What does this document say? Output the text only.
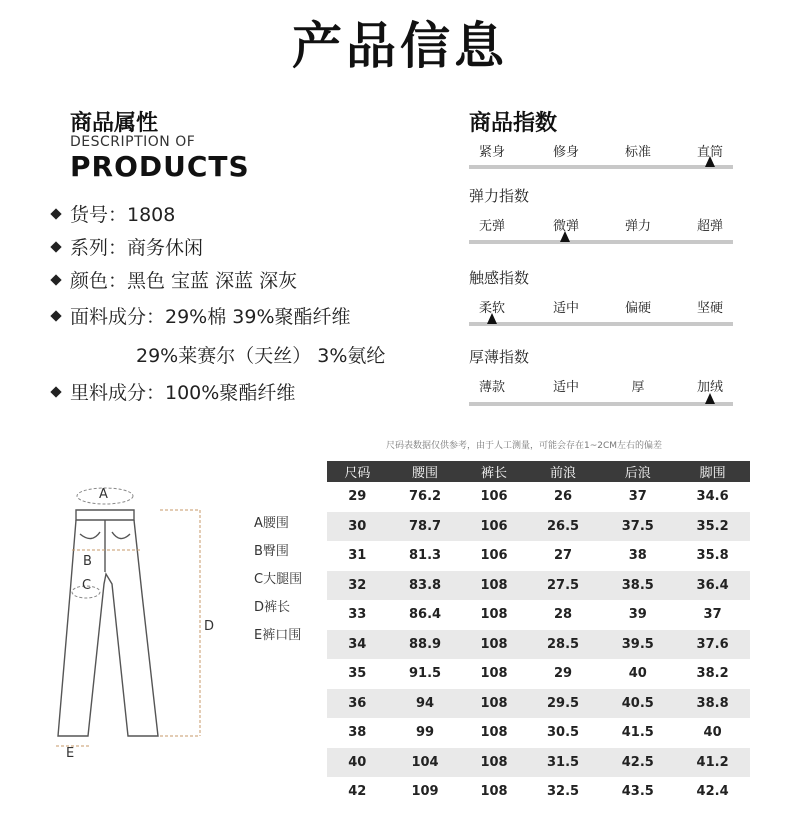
产品信息
商品属性
DESCRIPTION OF
PRODUCTS
货号：1808
系列：商务休闲
颜色：黑色 宝蓝 深蓝 深灰
面料成分：29%棉 39%聚酯纤维
29%莱赛尔（天丝） 3%氨纶
里料成分：100%聚酯纤维
商品指数
紧身	修身	标准	直筒
弹力指数
无弹	微弹	弹力	超弹
触感指数
柔软	适中	偏硬	坚硬
厚薄指数
薄款	适中	厚	加绒
尺码表数据仅供参考，由于人工测量，可能会存在1~2CM左右的偏差
尺码	腰围	裤长	前浪	后浪	脚围
29	76.2	106	26	37	34.6
30	78.7	106	26.5	37.5	35.2
31	81.3	106	27	38	35.8
32	83.8	108	27.5	38.5	36.4
33	86.4	108	28	39	37
34	88.9	108	28.5	39.5	37.6
35	91.5	108	29	40	38.2
36	94	108	29.5	40.5	38.8
38	99	108	30.5	41.5	40
40	104	108	31.5	42.5	41.2
42	109	108	32.5	43.5	42.4
A
B
C
D
E
A腰围
B臀围
C大腿围
D裤长
E裤口围
